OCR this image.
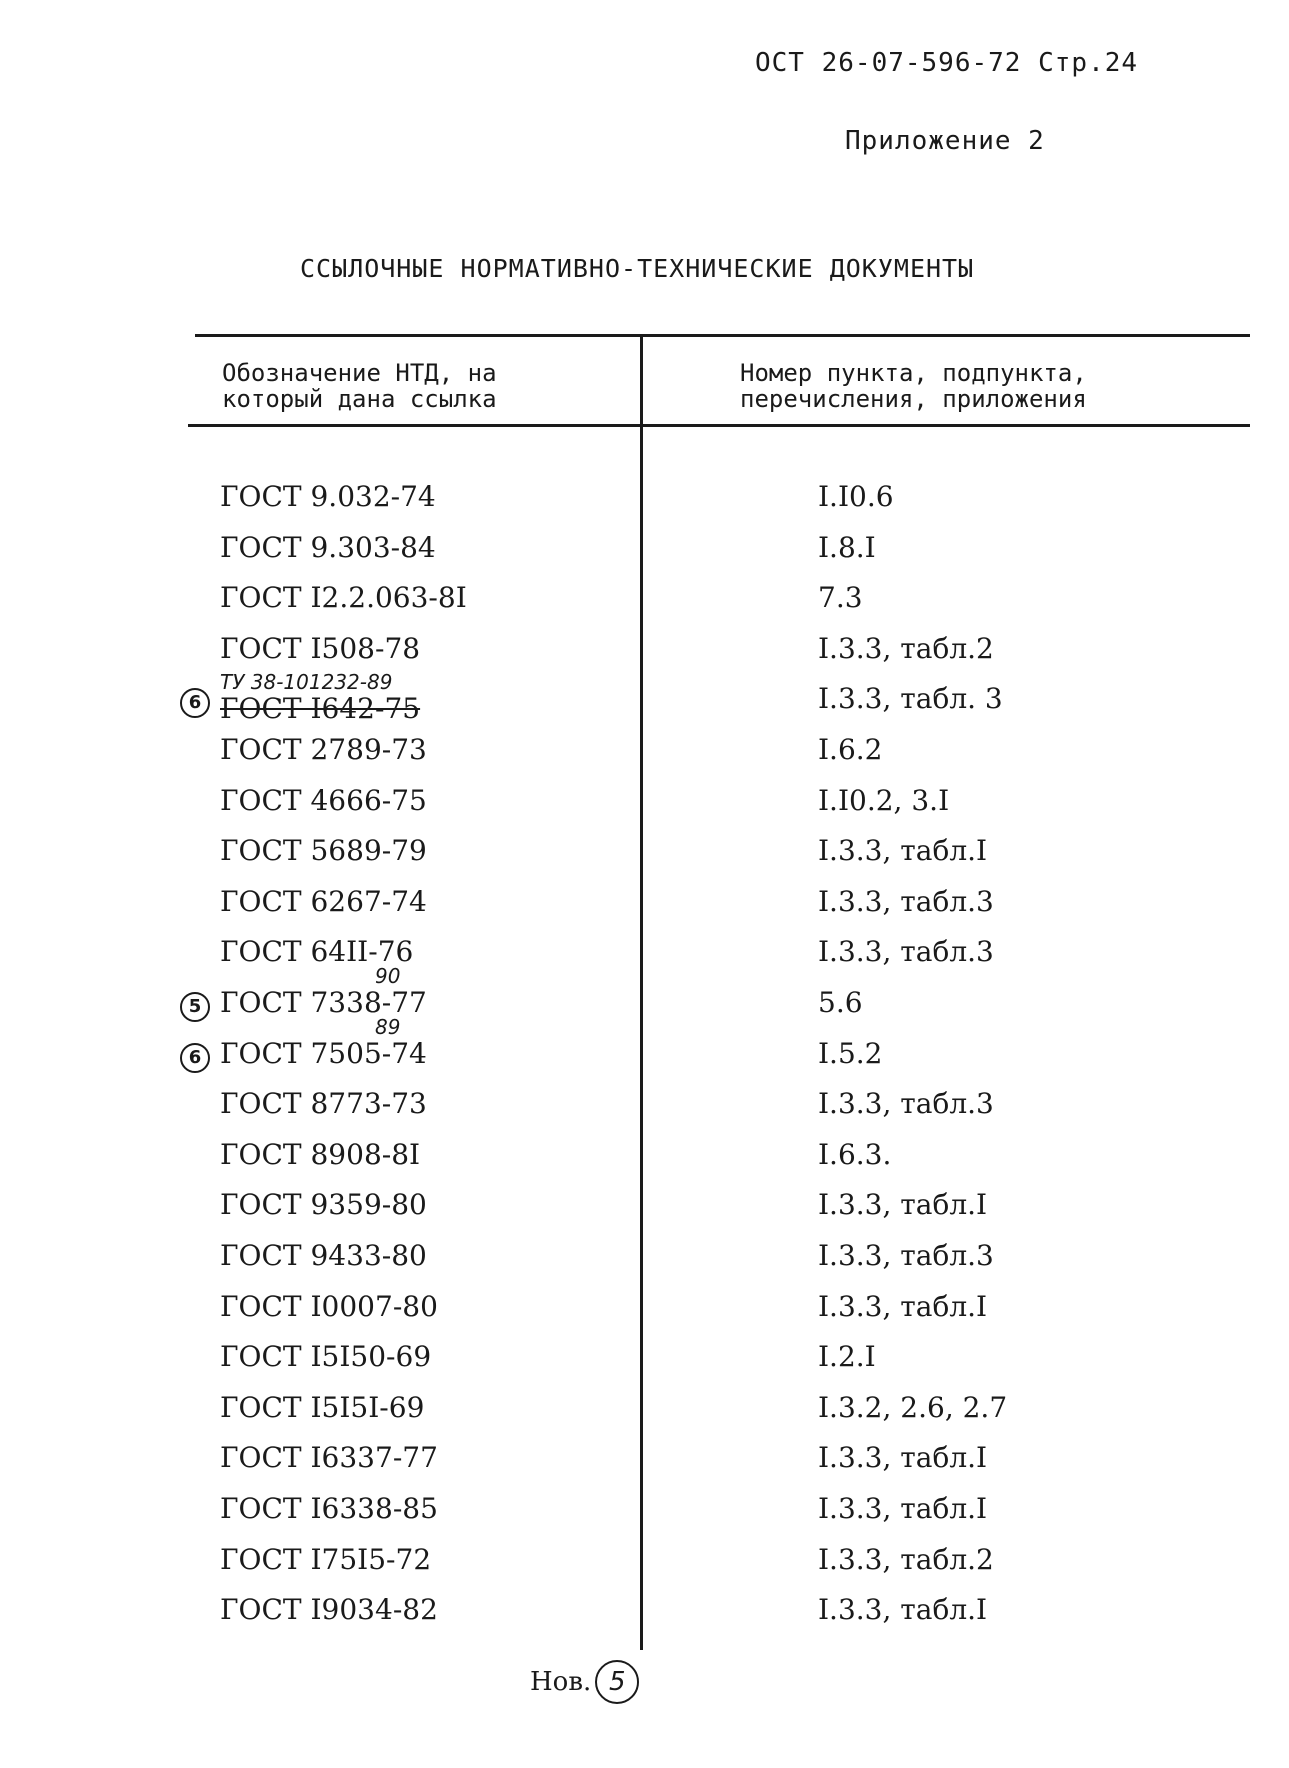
ОСТ 26-07-596-72 Стр.24
Приложение 2
ССЫЛОЧНЫЕ НОРМАТИВНО-ТЕХНИЧЕСКИЕ ДОКУМЕНТЫ
Обозначение НТД, на
который дана ссылка
Номер пункта, подпункта,
перечисления, приложения
ГОСТ 9.032-74	I.I0.6
ГОСТ 9.303-84	I.8.I
ГОСТ I2.2.063-8I	7.3
ГОСТ I508-78	I.3.3, табл.2
6
ТУ 38-101232-89
ГОСТ I642-75	I.3.3, табл. 3
ГОСТ 2789-73	I.6.2
ГОСТ 4666-75	I.I0.2, 3.I
ГОСТ 5689-79	I.3.3, табл.I
ГОСТ 6267-74	I.3.3, табл.3
ГОСТ 64II-76	I.3.3, табл.3
5
90
ГОСТ 7338-77	5.6
6
89
ГОСТ 7505-74	I.5.2
ГОСТ 8773-73	I.3.3, табл.3
ГОСТ 8908-8I	I.6.3.
ГОСТ 9359-80	I.3.3, табл.I
ГОСТ 9433-80	I.3.3, табл.3
ГОСТ I0007-80	I.3.3, табл.I
ГОСТ I5I50-69	I.2.I
ГОСТ I5I5I-69	I.3.2, 2.6, 2.7
ГОСТ I6337-77	I.3.3, табл.I
ГОСТ I6338-85	I.3.3, табл.I
ГОСТ I75I5-72	I.3.3, табл.2
ГОСТ I9034-82	I.3.3, табл.I
Нов. 5
